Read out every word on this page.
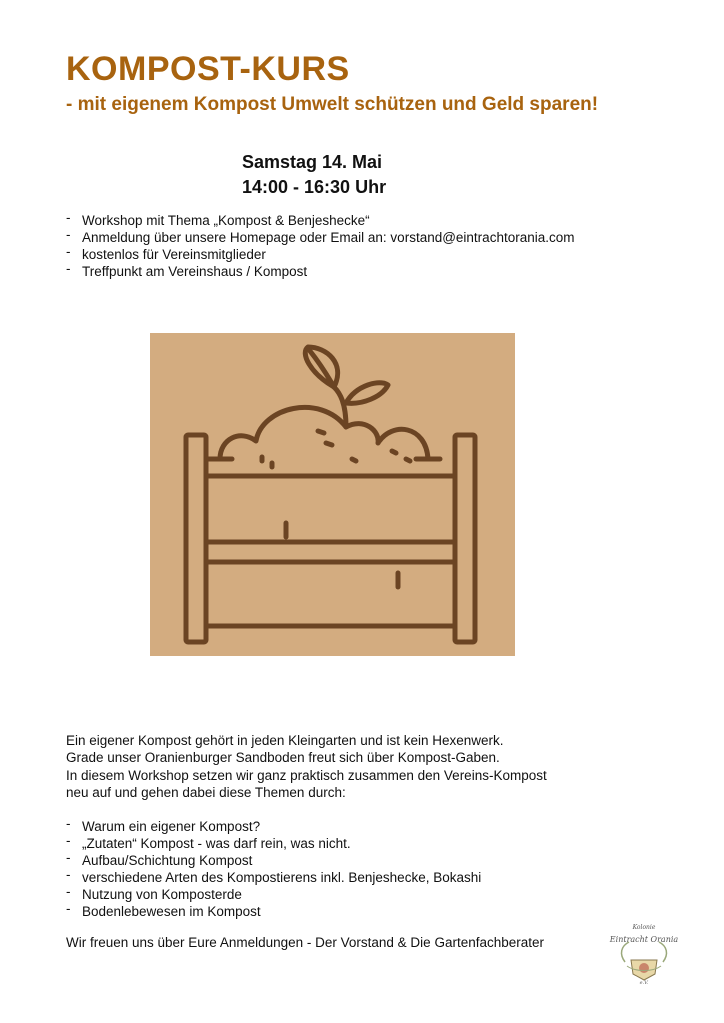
KOMPOST-KURS

- mit eigenem Kompost Umwelt schützen und Geld sparen!

Samstag 14. Mai
14:00 - 16:30 Uhr
- Workshop mit Thema „Kompost & Benjeshecke“
- Anmeldung über unsere Homepage oder Email an: vorstand@eintrachtorania.com
- kostenlos für Vereinsmitglieder
- Treffpunkt am Vereinshaus / Kompost
Ein eigener Kompost gehört in jeden Kleingarten und ist kein Hexenwerk.
Grade unser Oranienburger Sandboden freut sich über Kompost-Gaben.
In diesem Workshop setzen wir ganz praktisch zusammen den Vereins-Kompost
neu auf und gehen dabei diese Themen durch:
- Warum ein eigener Kompost?
- „Zutaten“ Kompost - was darf rein, was nicht.
- Aufbau/Schichtung Kompost
- verschiedene Arten des Kompostierens inkl. Benjeshecke, Bokashi
- Nutzung von Komposterde
- Bodenlebewesen im Kompost

Wir freuen uns über Eure Anmeldungen - Der Vorstand & Die Gartenfachberater

Kolonie
Eintracht Orania
e.V.
